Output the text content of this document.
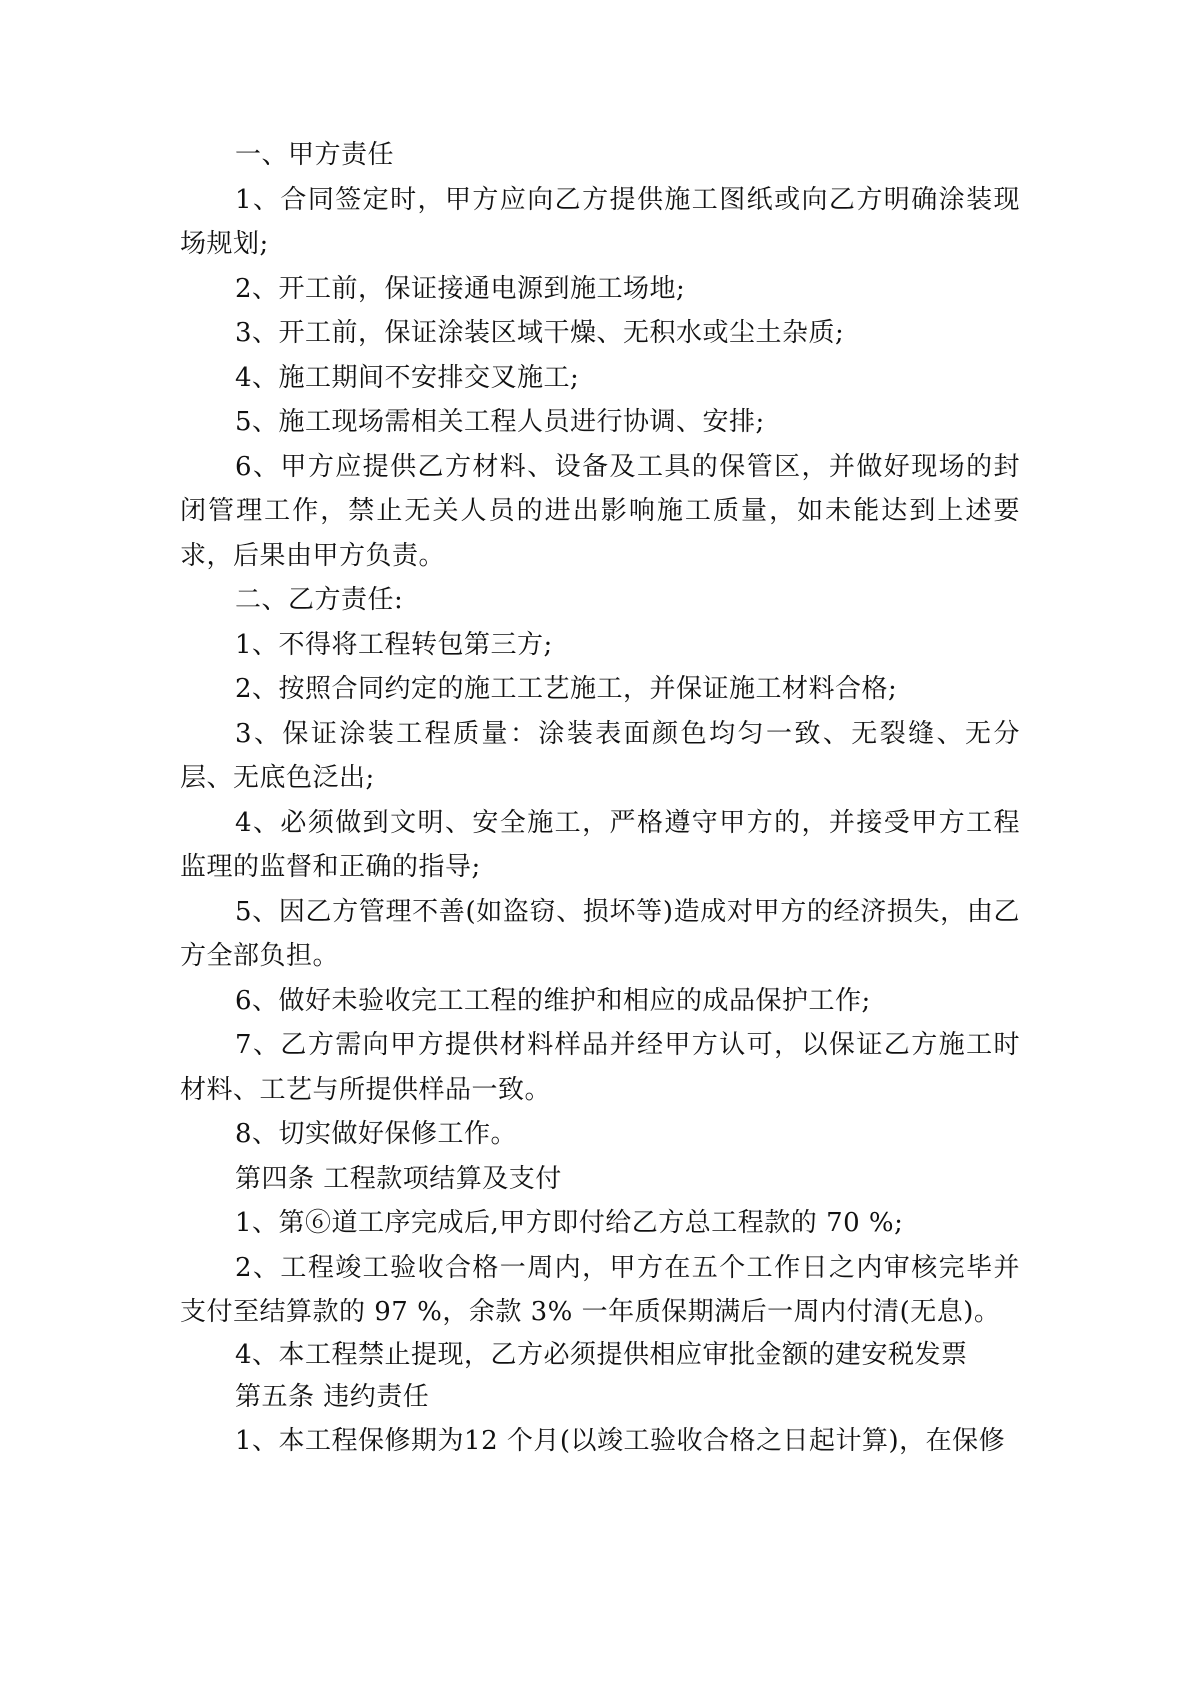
一、甲方责任

1、合同签定时，甲方应向乙方提供施工图纸或向乙方明确涂装现场规划;

2、开工前，保证接通电源到施工场地;

3、开工前，保证涂装区域干燥、无积水或尘土杂质;

4、施工期间不安排交叉施工;

5、施工现场需相关工程人员进行协调、安排;

6、甲方应提供乙方材料、设备及工具的保管区，并做好现场的封闭管理工作，禁止无关人员的进出影响施工质量，如未能达到上述要求，后果由甲方负责。

二、乙方责任:

1、不得将工程转包第三方;

2、按照合同约定的施工工艺施工，并保证施工材料合格;

3、保证涂装工程质量：涂装表面颜色均匀一致、无裂缝、无分层、无底色泛出;

4、必须做到文明、安全施工，严格遵守甲方的，并接受甲方工程监理的监督和正确的指导;

5、因乙方管理不善(如盗窃、损坏等)造成对甲方的经济损失，由乙方全部负担。

6、做好未验收完工工程的维护和相应的成品保护工作;

7、乙方需向甲方提供材料样品并经甲方认可，以保证乙方施工时材料、工艺与所提供样品一致。

8、切实做好保修工作。

第四条 工程款项结算及支付

1、第⑥道工序完成后,甲方即付给乙方总工程款的 70 %;

2、工程竣工验收合格一周内，甲方在五个工作日之内审核完毕并支付至结算款的 97 %，余款 3% 一年质保期满后一周内付清(无息)。

4、本工程禁止提现，乙方必须提供相应审批金额的建安税发票

第五条 违约责任

1、本工程保修期为12 个月(以竣工验收合格之日起计算)，在保修
